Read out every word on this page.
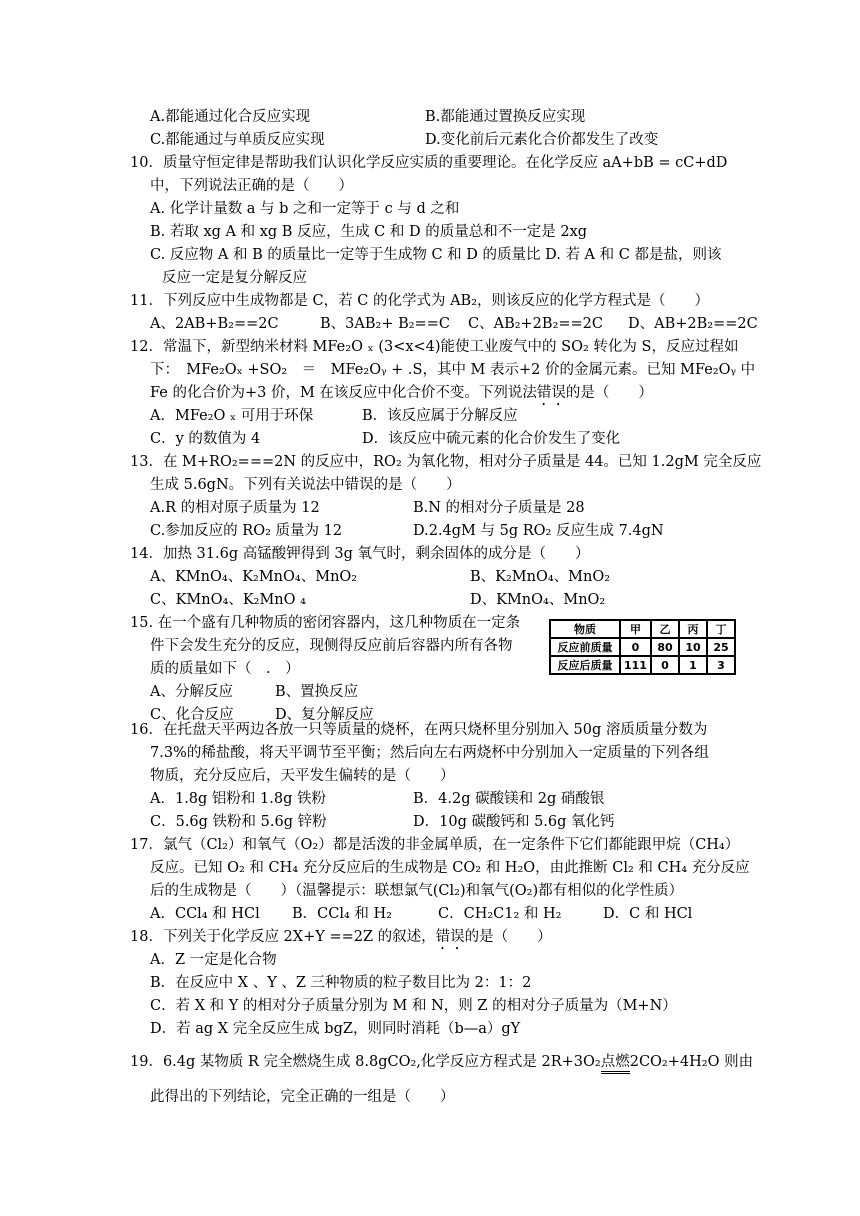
A.都能通过化合反应实现	B.都能通过置换反应实现
C.都能通过与单质反应实现	D.变化前后元素化合价都发生了改变
10．质量守恒定律是帮助我们认识化学反应实质的重要理论。在化学反应 aA+bB = cC+dD
中，下列说法正确的是（　　）
A. 化学计量数 a 与 b 之和一定等于 c 与 d 之和
B. 若取 xg A 和 xg B 反应，生成 C 和 D 的质量总和不一定是 2xg
C. 反应物 A 和 B 的质量比一定等于生成物 C 和 D 的质量比 D. 若 A 和 C 都是盐，则该
反应一定是复分解反应
11．下列反应中生成物都是 C，若 C 的化学式为 AB₂，则该反应的化学方程式是（　　）
A、2AB+B₂==2C	B、3AB₂+ B₂==C C、AB₂+2B₂==2C D、AB+2B₂==2C
12．常温下，新型纳米材料 MFe₂O ₓ (3<x<4)能使工业废气中的 SO₂ 转化为 S，反应过程如
下：　MFe₂Oₓ +SO₂　＝　MFe₂Oᵧ + .S，其中 M 表示+2 价的金属元素。已知 MFe₂Oᵧ 中
Fe 的化合价为+3 价，M 在该反应中化合价不变。下列说法错误的是（　　）
A．MFe₂O ₓ 可用于环保	B．该反应属于分解反应
C．y 的数值为 4	D．该反应中硫元素的化合价发生了变化
13．在 M+RO₂===2N 的反应中，RO₂ 为氧化物，相对分子质量是 44。已知 1.2gM 完全反应
生成 5.6gN。下列有关说法中错误的是（　　）
A.R 的相对原子质量为 12	B.N 的相对分子质量是 28
C.参加反应的 RO₂ 质量为 12	D.2.4gM 与 5g RO₂ 反应生成 7.4gN
14．加热 31.6g 高锰酸钾得到 3g 氧气时，剩余固体的成分是（　　）
A、KMnO₄、K₂MnO₄、MnO₂	B、K₂MnO₄、MnO₂
C、KMnO₄、K₂MnO ₄	D、KMnO₄、MnO₂
15. 在一个盛有几种物质的密闭容器内，这几种物质在一定条
件下会发生充分的反应，现侧得反应前后容器内所有各物
质的质量如下（　.　）
A、分解反应	B、置换反应
C、化合反应	D、复分解反应
物质	甲	乙	丙	丁
反应前质量	0	80	10	25
反应后质量	111	0	1	3
16．在托盘天平两边各放一只等质量的烧杯，在两只烧杯里分别加入 50g 溶质质量分数为
7.3%的稀盐酸，将天平调节至平衡；然后向左右两烧杯中分别加入一定质量的下列各组
物质，充分反应后，天平发生偏转的是（　　）
A．1.8g 铝粉和 1.8g 铁粉	B．4.2g 碳酸镁和 2g 硝酸银
C．5.6g 铁粉和 5.6g 锌粉	D．10g 碳酸钙和 5.6g 氧化钙
17．氯气（Cl₂）和氧气（O₂）都是活泼的非金属单质，在一定条件下它们都能跟甲烷（CH₄）
反应。已知 O₂ 和 CH₄ 充分反应后的生成物是 CO₂ 和 H₂O，由此推断 Cl₂ 和 CH₄ 充分反应
后的生成物是（　　）（温馨提示：联想氯气(Cl₂)和氧气(O₂)都有相似的化学性质）
A．CCl₄ 和 HCl B．CCl₄ 和 H₂	C．CH₂C1₂ 和 H₂	D．C 和 HCl
18．下列关于化学反应 2X+Y ==2Z 的叙述，错误的是（　　）
A．Z 一定是化合物
B．在反应中 X 、Y 、Z 三种物质的粒子数目比为 2：1：2
C．若 X 和 Y 的相对分子质量分别为 M 和 N，则 Z 的相对分子质量为（M+N）
D．若 ag X 完全反应生成 bgZ，则同时消耗（b—a）gY
19．6.4g 某物质 R 完全燃烧生成 8.8gCO₂,化学反应方程式是 2R+3O₂点燃2CO₂+4H₂O 则由
此得出的下列结论，完全正确的一组是（　　）
